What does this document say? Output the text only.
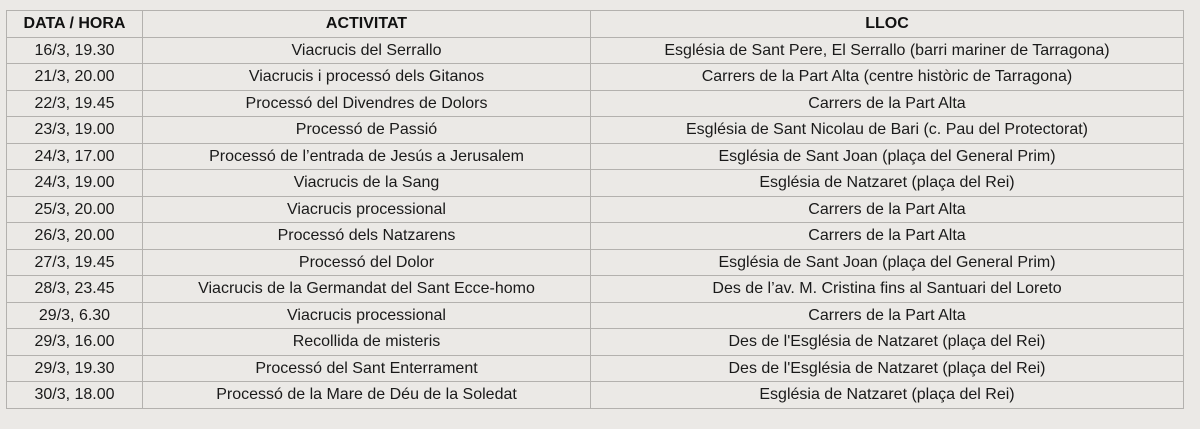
DATA / HORA	ACTIVITAT	LLOC
16/3, 19.30	Viacrucis del Serrallo	Església de Sant Pere, El Serrallo (barri mariner de Tarragona)
21/3, 20.00	Viacrucis i processó dels Gitanos	Carrers de la Part Alta (centre històric de Tarragona)
22/3, 19.45	Processó del Divendres de Dolors	Carrers de la Part Alta
23/3, 19.00	Processó de Passió	Església de Sant Nicolau de Bari (c. Pau del Protectorat)
24/3, 17.00	Processó de l’entrada de Jesús a Jerusalem	Església de Sant Joan (plaça del General Prim)
24/3, 19.00	Viacrucis de la Sang	Església de Natzaret (plaça del Rei)
25/3, 20.00	Viacrucis processional	Carrers de la Part Alta
26/3, 20.00	Processó dels Natzarens	Carrers de la Part Alta
27/3, 19.45	Processó del Dolor	Església de Sant Joan (plaça del General Prim)
28/3, 23.45	Viacrucis de la Germandat del Sant Ecce-homo	Des de l’av. M. Cristina fins al Santuari del Loreto
29/3, 6.30	Viacrucis processional	Carrers de la Part Alta
29/3, 16.00	Recollida de misteris	Des de l'Església de Natzaret (plaça del Rei)
29/3, 19.30	Processó del Sant Enterrament	Des de l'Església de Natzaret (plaça del Rei)
30/3, 18.00	Processó de la Mare de Déu de la Soledat	Església de Natzaret (plaça del Rei)
